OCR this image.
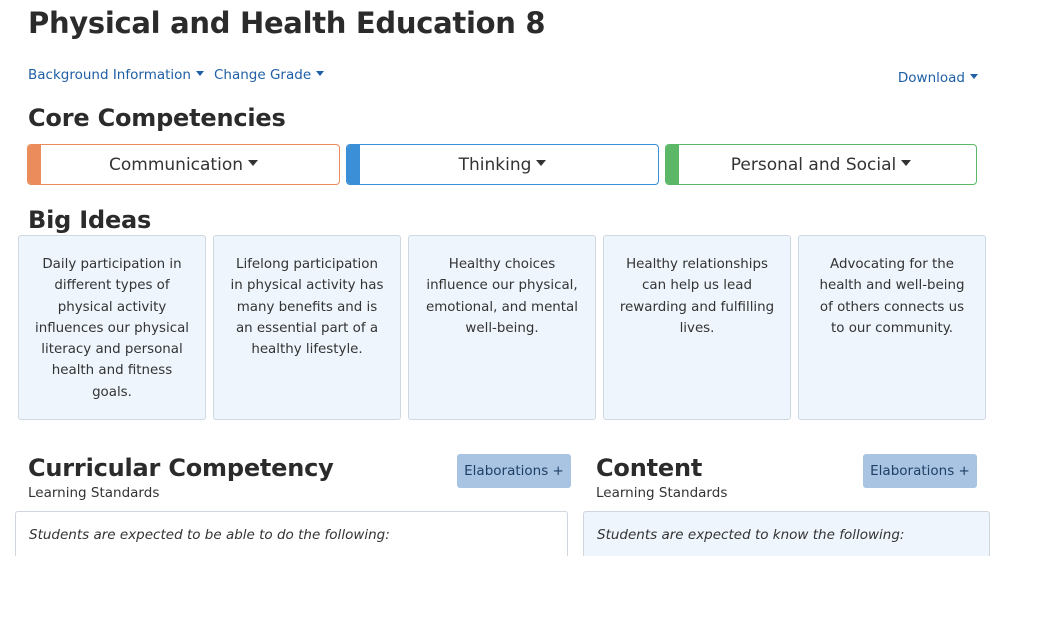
Physical and Health Education 8
Background Information	Change Grade	Download
Core Competencies
Communication	Thinking	Personal and Social
Big Ideas
Daily participation in different types of physical activity influences our physical literacy and personal health and fitness goals.
Lifelong participation in physical activity has many benefits and is an essential part of a healthy lifestyle.
Healthy choices influence our physical, emotional, and mental well-being.
Healthy relationships can help us lead rewarding and fulfilling lives.
Advocating for the health and well-being of others connects us to our community.
Curricular Competency
Learning Standards
Elaborations +
Students are expected to be able to do the following:
Content
Learning Standards
Elaborations +
Students are expected to know the following:
